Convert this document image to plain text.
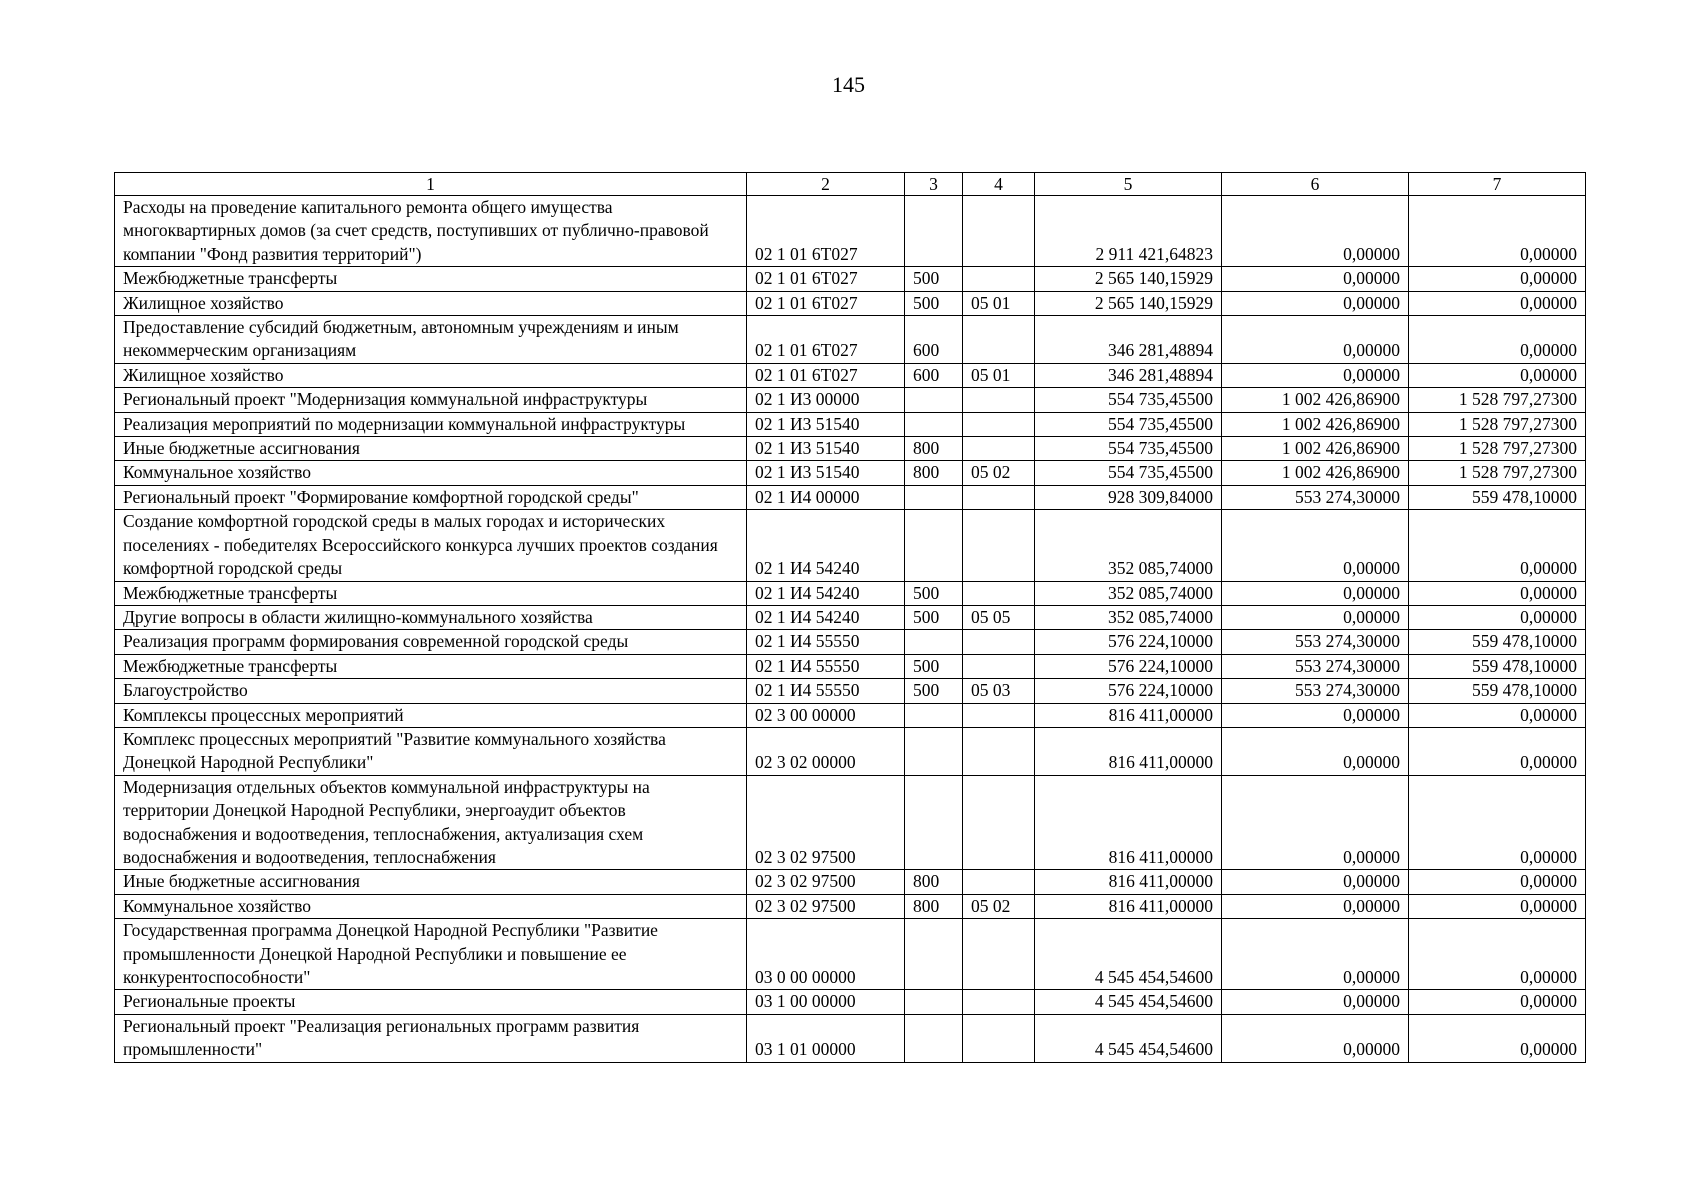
145
1	2	3	4	5	6	7
Расходы на проведение капитального ремонта общего имущества многоквартирных домов (за счет средств, поступивших от публично-правовой компании "Фонд развития территорий")	02 1 01 6Т027			2 911 421,64823	0,00000	0,00000
Межбюджетные трансферты	02 1 01 6Т027	500		2 565 140,15929	0,00000	0,00000
Жилищное хозяйство	02 1 01 6Т027	500	05 01	2 565 140,15929	0,00000	0,00000
Предоставление субсидий бюджетным, автономным учреждениям и иным некоммерческим организациям	02 1 01 6Т027	600		346 281,48894	0,00000	0,00000
Жилищное хозяйство	02 1 01 6Т027	600	05 01	346 281,48894	0,00000	0,00000
Региональный проект "Модернизация коммунальной инфраструктуры	02 1 И3 00000			554 735,45500	1 002 426,86900	1 528 797,27300
Реализация мероприятий по модернизации коммунальной инфраструктуры	02 1 И3 51540			554 735,45500	1 002 426,86900	1 528 797,27300
Иные бюджетные ассигнования	02 1 И3 51540	800		554 735,45500	1 002 426,86900	1 528 797,27300
Коммунальное хозяйство	02 1 И3 51540	800	05 02	554 735,45500	1 002 426,86900	1 528 797,27300
Региональный проект "Формирование комфортной городской среды"	02 1 И4 00000			928 309,84000	553 274,30000	559 478,10000
Создание комфортной городской среды в малых городах и исторических поселениях - победителях Всероссийского конкурса лучших проектов создания комфортной городской среды	02 1 И4 54240			352 085,74000	0,00000	0,00000
Межбюджетные трансферты	02 1 И4 54240	500		352 085,74000	0,00000	0,00000
Другие вопросы в области жилищно-коммунального хозяйства	02 1 И4 54240	500	05 05	352 085,74000	0,00000	0,00000
Реализация программ формирования современной городской среды	02 1 И4 55550			576 224,10000	553 274,30000	559 478,10000
Межбюджетные трансферты	02 1 И4 55550	500		576 224,10000	553 274,30000	559 478,10000
Благоустройство	02 1 И4 55550	500	05 03	576 224,10000	553 274,30000	559 478,10000
Комплексы процессных мероприятий	02 3 00 00000			816 411,00000	0,00000	0,00000
Комплекс процессных мероприятий "Развитие коммунального хозяйства Донецкой Народной Республики"	02 3 02 00000			816 411,00000	0,00000	0,00000
Модернизация отдельных объектов коммунальной инфраструктуры на территории Донецкой Народной Республики, энергоаудит объектов водоснабжения и водоотведения, теплоснабжения, актуализация схем водоснабжения и водоотведения, теплоснабжения	02 3 02 97500			816 411,00000	0,00000	0,00000
Иные бюджетные ассигнования	02 3 02 97500	800		816 411,00000	0,00000	0,00000
Коммунальное хозяйство	02 3 02 97500	800	05 02	816 411,00000	0,00000	0,00000
Государственная программа Донецкой Народной Республики "Развитие промышленности Донецкой Народной Республики и повышение ее конкурентоспособности"	03 0 00 00000			4 545 454,54600	0,00000	0,00000
Региональные проекты	03 1 00 00000			4 545 454,54600	0,00000	0,00000
Региональный проект "Реализация региональных программ развития промышленности"	03 1 01 00000			4 545 454,54600	0,00000	0,00000
